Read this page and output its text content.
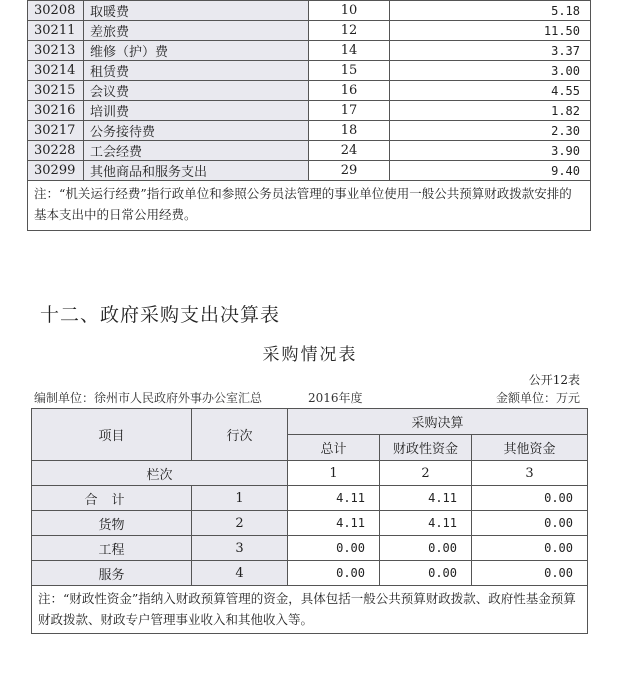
30208	取暖费	10	5.18
30211	差旅费	12	11.50
30213	维修（护）费	14	3.37
30214	租赁费	15	3.00
30215	会议费	16	4.55
30216	培训费	17	1.82
30217	公务接待费	18	2.30
30228	工会经费	24	3.90
30299	其他商品和服务支出	29	9.40
注：“机关运行经费”指行政单位和参照公务员法管理的事业单位使用一般公共预算财政拨款安排的基本支出中的日常公用经费。			
十二、政府采购支出决算表
采购情况表
公开12表
编制单位：徐州市人民政府外事办公室汇总	2016年度	金额单位：万元
项目	行次	采购决算		
		总计	财政性资金	其他资金
栏次		1	2	3
合计	1	4.11	4.11	0.00
货物	2	4.11	4.11	0.00
工程	3	0.00	0.00	0.00
服务	4	0.00	0.00	0.00
注：“财政性资金”指纳入财政预算管理的资金，具体包括一般公共预算财政拨款、政府性基金预算财政拨款、财政专户管理事业收入和其他收入等。				
